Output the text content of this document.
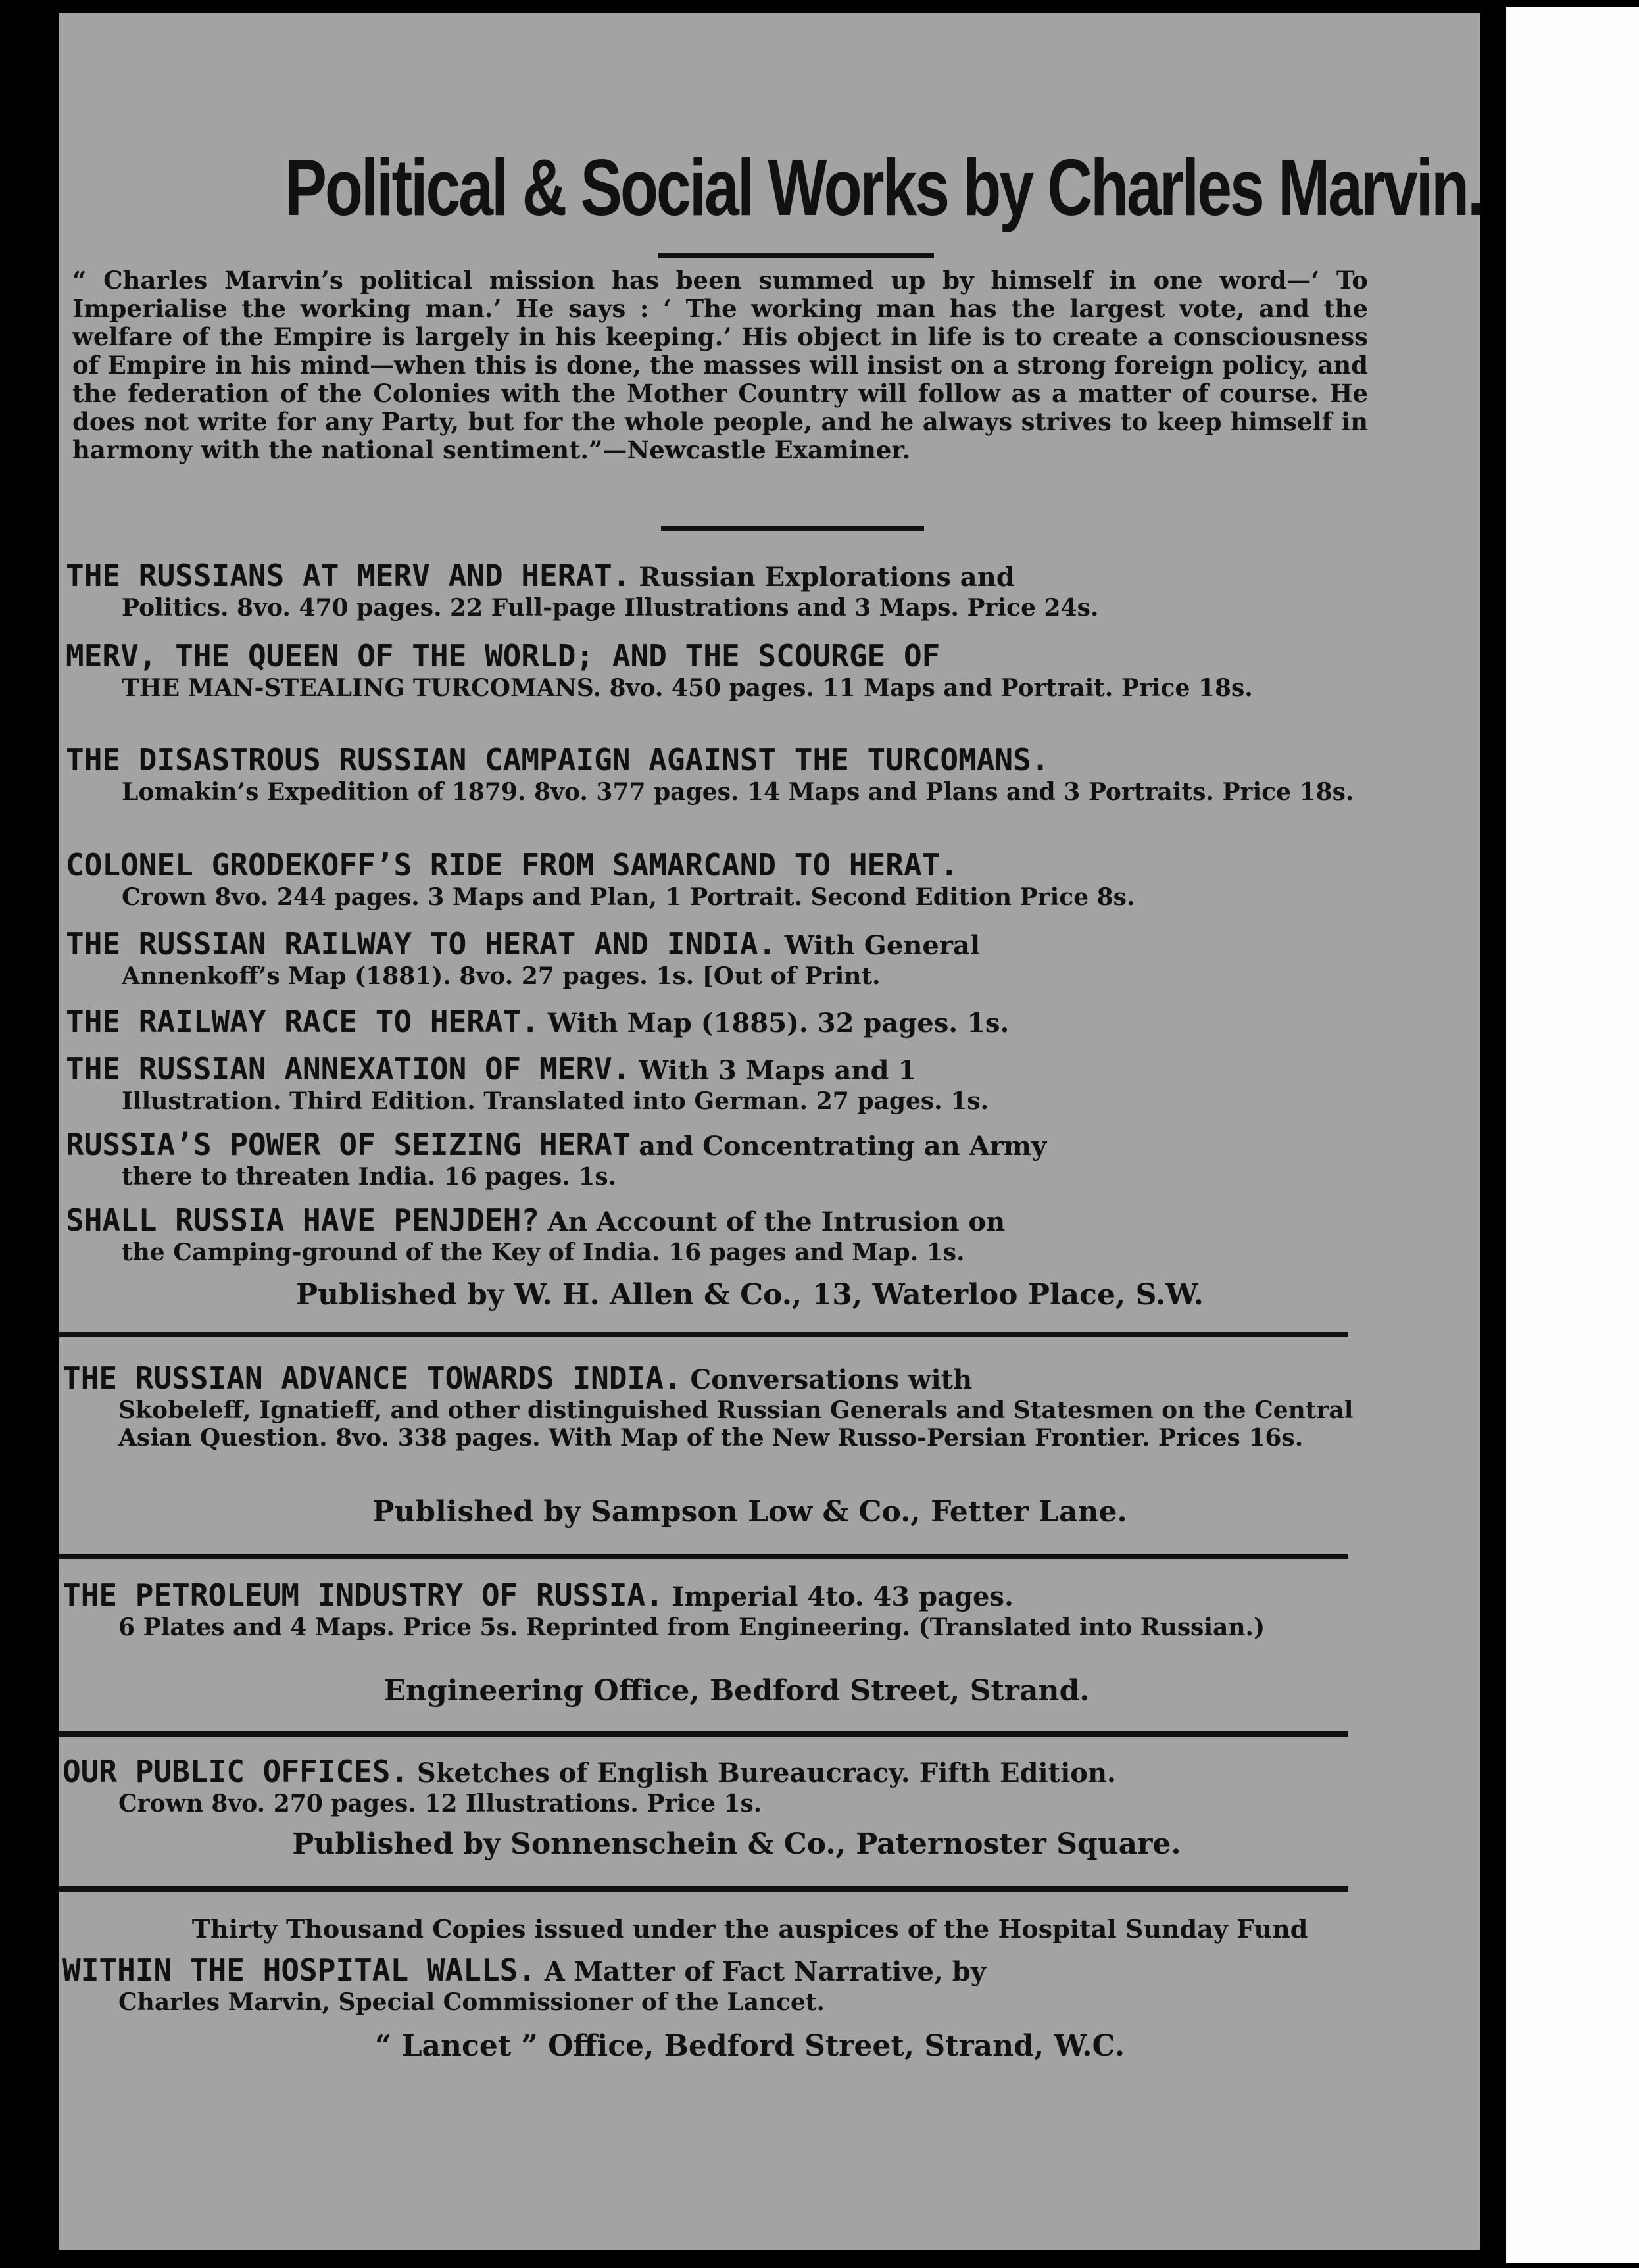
Political & Social Works by Charles Marvin.
“ Charles Marvin’s political mission has been summed up by himself in one word—‘ To Imperialise the working man.’ He says : ‘ The working man has the largest vote, and the welfare of the Empire is largely in his keeping.’ His object in life is to create a consciousness of Empire in his mind—when this is done, the masses will insist on a strong foreign policy, and the federation of the Colonies with the Mother Country will follow as a matter of course. He does not write for any Party, but for the whole people, and he always strives to keep himself in harmony with the national sentiment.”—Newcastle Examiner.
THE RUSSIANS AT MERV AND HERAT. Russian Explorations and
Politics. 8vo. 470 pages. 22 Full-page Illustrations and 3 Maps. Price 24s.
MERV, THE QUEEN OF THE WORLD; AND THE SCOURGE OF
THE MAN-STEALING TURCOMANS. 8vo. 450 pages. 11 Maps and Portrait. Price 18s.
THE DISASTROUS RUSSIAN CAMPAIGN AGAINST THE TURCOMANS.
Lomakin’s Expedition of 1879. 8vo. 377 pages. 14 Maps and Plans and 3 Portraits. Price 18s.
COLONEL GRODEKOFF’S RIDE FROM SAMARCAND TO HERAT.
Crown 8vo. 244 pages. 3 Maps and Plan, 1 Portrait. Second Edition Price 8s.
THE RUSSIAN RAILWAY TO HERAT AND INDIA. With General
Annenkoff’s Map (1881). 8vo. 27 pages. 1s. [Out of Print.
THE RAILWAY RACE TO HERAT. With Map (1885). 32 pages. 1s.
THE RUSSIAN ANNEXATION OF MERV. With 3 Maps and 1
Illustration. Third Edition. Translated into German. 27 pages. 1s.
RUSSIA’S POWER OF SEIZING HERAT and Concentrating an Army
there to threaten India. 16 pages. 1s.
SHALL RUSSIA HAVE PENJDEH? An Account of the Intrusion on
the Camping-ground of the Key of India. 16 pages and Map. 1s.
Published by W. H. Allen & Co., 13, Waterloo Place, S.W.
THE RUSSIAN ADVANCE TOWARDS INDIA. Conversations with
Skobeleff, Ignatieff, and other distinguished Russian Generals and Statesmen on the Central Asian Question. 8vo. 338 pages. With Map of the New Russo-Persian Frontier. Prices 16s.
Published by Sampson Low & Co., Fetter Lane.
THE PETROLEUM INDUSTRY OF RUSSIA. Imperial 4to. 43 pages.
6 Plates and 4 Maps. Price 5s. Reprinted from Engineering. (Translated into Russian.)
Engineering Office, Bedford Street, Strand.
OUR PUBLIC OFFICES. Sketches of English Bureaucracy. Fifth Edition.
Crown 8vo. 270 pages. 12 Illustrations. Price 1s.
Published by Sonnenschein & Co., Paternoster Square.
Thirty Thousand Copies issued under the auspices of the Hospital Sunday Fund
WITHIN THE HOSPITAL WALLS. A Matter of Fact Narrative, by
Charles Marvin, Special Commissioner of the Lancet.
“ Lancet ” Office, Bedford Street, Strand, W.C.
